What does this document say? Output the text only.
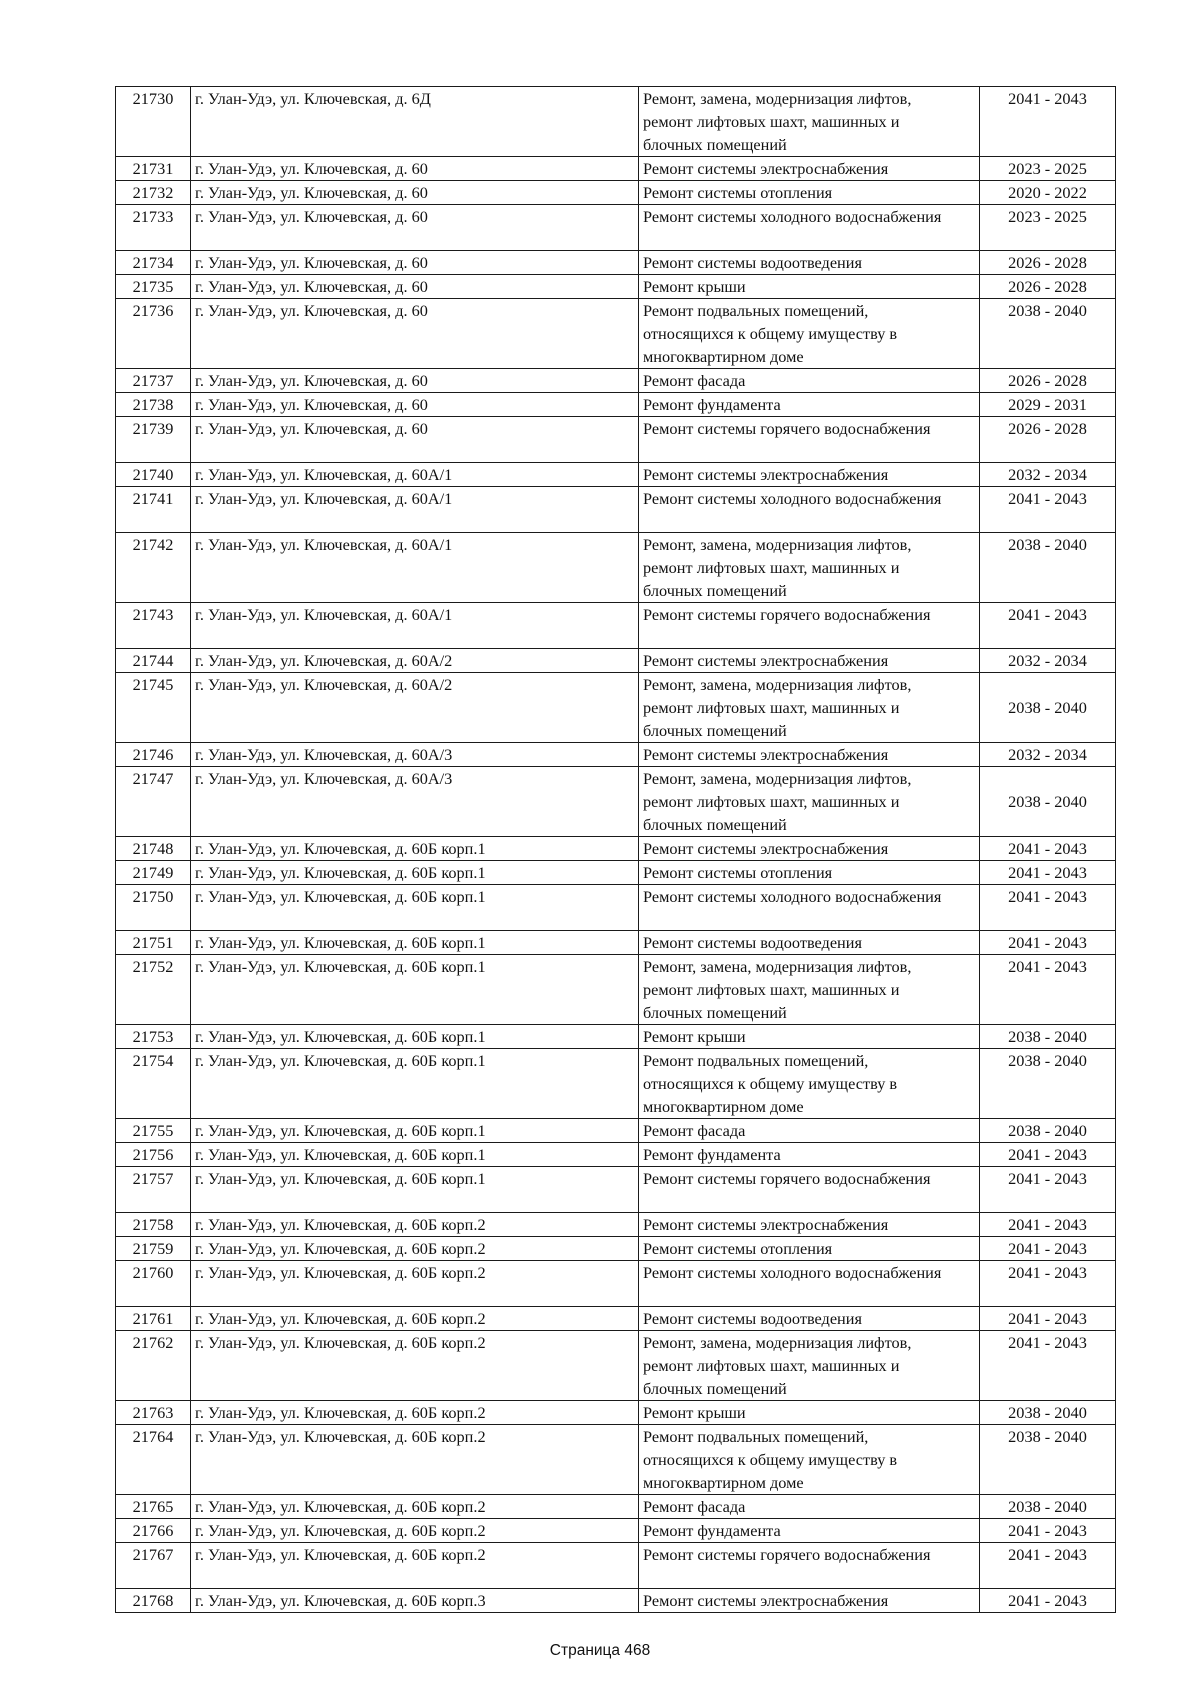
21730	г. Улан-Удэ, ул. Ключевская, д. 6Д	Ремонт, замена, модернизация лифтов,
ремонт лифтовых шахт, машинных и
блочных помещений	2041 - 2043
21731	г. Улан-Удэ, ул. Ключевская, д. 60	Ремонт системы электроснабжения	2023 - 2025
21732	г. Улан-Удэ, ул. Ключевская, д. 60	Ремонт системы отопления	2020 - 2022
21733	г. Улан-Удэ, ул. Ключевская, д. 60	Ремонт системы холодного водоснабжения	2023 - 2025
21734	г. Улан-Удэ, ул. Ключевская, д. 60	Ремонт системы водоотведения	2026 - 2028
21735	г. Улан-Удэ, ул. Ключевская, д. 60	Ремонт крыши	2026 - 2028
21736	г. Улан-Удэ, ул. Ключевская, д. 60	Ремонт подвальных помещений,
относящихся к общему имуществу в
многоквартирном доме	2038 - 2040
21737	г. Улан-Удэ, ул. Ключевская, д. 60	Ремонт фасада	2026 - 2028
21738	г. Улан-Удэ, ул. Ключевская, д. 60	Ремонт фундамента	2029 - 2031
21739	г. Улан-Удэ, ул. Ключевская, д. 60	Ремонт системы горячего водоснабжения	2026 - 2028
21740	г. Улан-Удэ, ул. Ключевская, д. 60А/1	Ремонт системы электроснабжения	2032 - 2034
21741	г. Улан-Удэ, ул. Ключевская, д. 60А/1	Ремонт системы холодного водоснабжения	2041 - 2043
21742	г. Улан-Удэ, ул. Ключевская, д. 60А/1	Ремонт, замена, модернизация лифтов,
ремонт лифтовых шахт, машинных и
блочных помещений	2038 - 2040
21743	г. Улан-Удэ, ул. Ключевская, д. 60А/1	Ремонт системы горячего водоснабжения	2041 - 2043
21744	г. Улан-Удэ, ул. Ключевская, д. 60А/2	Ремонт системы электроснабжения	2032 - 2034
21745	г. Улан-Удэ, ул. Ключевская, д. 60А/2	Ремонт, замена, модернизация лифтов,
ремонт лифтовых шахт, машинных и
блочных помещений	2038 - 2040
21746	г. Улан-Удэ, ул. Ключевская, д. 60А/3	Ремонт системы электроснабжения	2032 - 2034
21747	г. Улан-Удэ, ул. Ключевская, д. 60А/3	Ремонт, замена, модернизация лифтов,
ремонт лифтовых шахт, машинных и
блочных помещений	2038 - 2040
21748	г. Улан-Удэ, ул. Ключевская, д. 60Б корп.1	Ремонт системы электроснабжения	2041 - 2043
21749	г. Улан-Удэ, ул. Ключевская, д. 60Б корп.1	Ремонт системы отопления	2041 - 2043
21750	г. Улан-Удэ, ул. Ключевская, д. 60Б корп.1	Ремонт системы холодного водоснабжения	2041 - 2043
21751	г. Улан-Удэ, ул. Ключевская, д. 60Б корп.1	Ремонт системы водоотведения	2041 - 2043
21752	г. Улан-Удэ, ул. Ключевская, д. 60Б корп.1	Ремонт, замена, модернизация лифтов,
ремонт лифтовых шахт, машинных и
блочных помещений	2041 - 2043
21753	г. Улан-Удэ, ул. Ключевская, д. 60Б корп.1	Ремонт крыши	2038 - 2040
21754	г. Улан-Удэ, ул. Ключевская, д. 60Б корп.1	Ремонт подвальных помещений,
относящихся к общему имуществу в
многоквартирном доме	2038 - 2040
21755	г. Улан-Удэ, ул. Ключевская, д. 60Б корп.1	Ремонт фасада	2038 - 2040
21756	г. Улан-Удэ, ул. Ключевская, д. 60Б корп.1	Ремонт фундамента	2041 - 2043
21757	г. Улан-Удэ, ул. Ключевская, д. 60Б корп.1	Ремонт системы горячего водоснабжения	2041 - 2043
21758	г. Улан-Удэ, ул. Ключевская, д. 60Б корп.2	Ремонт системы электроснабжения	2041 - 2043
21759	г. Улан-Удэ, ул. Ключевская, д. 60Б корп.2	Ремонт системы отопления	2041 - 2043
21760	г. Улан-Удэ, ул. Ключевская, д. 60Б корп.2	Ремонт системы холодного водоснабжения	2041 - 2043
21761	г. Улан-Удэ, ул. Ключевская, д. 60Б корп.2	Ремонт системы водоотведения	2041 - 2043
21762	г. Улан-Удэ, ул. Ключевская, д. 60Б корп.2	Ремонт, замена, модернизация лифтов,
ремонт лифтовых шахт, машинных и
блочных помещений	2041 - 2043
21763	г. Улан-Удэ, ул. Ключевская, д. 60Б корп.2	Ремонт крыши	2038 - 2040
21764	г. Улан-Удэ, ул. Ключевская, д. 60Б корп.2	Ремонт подвальных помещений,
относящихся к общему имуществу в
многоквартирном доме	2038 - 2040
21765	г. Улан-Удэ, ул. Ключевская, д. 60Б корп.2	Ремонт фасада	2038 - 2040
21766	г. Улан-Удэ, ул. Ключевская, д. 60Б корп.2	Ремонт фундамента	2041 - 2043
21767	г. Улан-Удэ, ул. Ключевская, д. 60Б корп.2	Ремонт системы горячего водоснабжения	2041 - 2043
21768	г. Улан-Удэ, ул. Ключевская, д. 60Б корп.3	Ремонт системы электроснабжения	2041 - 2043
Страница 468
